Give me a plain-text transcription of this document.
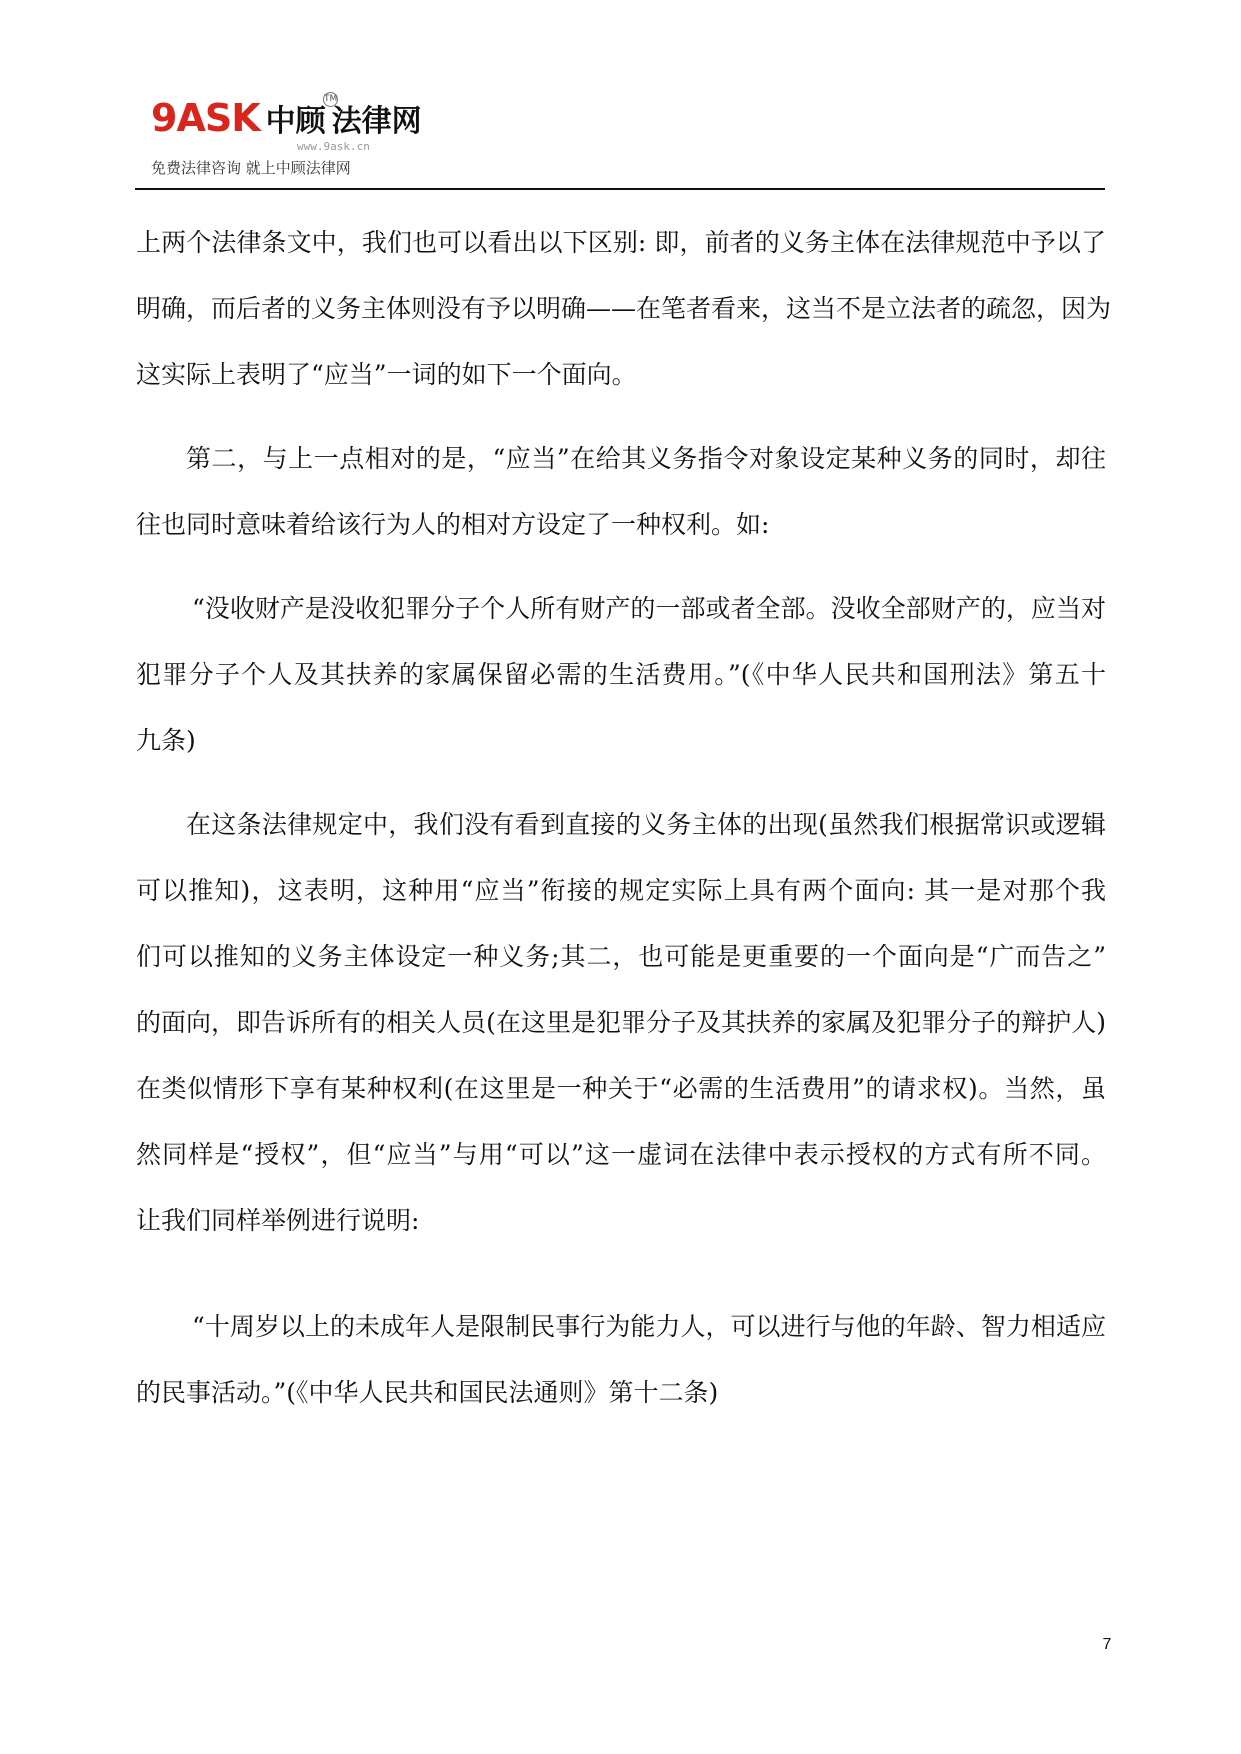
9ASK 中顾 法律网
TM
www.9ask.cn
免费法律咨询 就上中顾法律网
上两个法律条文中，我们也可以看出以下区别: 即，前者的义务主体在法律规范中予以了
明确，而后者的义务主体则没有予以明确——在笔者看来，这当不是立法者的疏忽，因为
这实际上表明了“应当”一词的如下一个面向。
第二，与上一点相对的是，“应当”在给其义务指令对象设定某种义务的同时，却往
往也同时意味着给该行为人的相对方设定了一种权利。如:
“没收财产是没收犯罪分子个人所有财产的一部或者全部。没收全部财产的，应当对
犯罪分子个人及其扶养的家属保留必需的生活费用。”(《中华人民共和国刑法》第五十
九条)
在这条法律规定中，我们没有看到直接的义务主体的出现(虽然我们根据常识或逻辑
可以推知)，这表明，这种用“应当”衔接的规定实际上具有两个面向: 其一是对那个我
们可以推知的义务主体设定一种义务;其二，也可能是更重要的一个面向是“广而告之”
的面向，即告诉所有的相关人员(在这里是犯罪分子及其扶养的家属及犯罪分子的辩护人)
在类似情形下享有某种权利(在这里是一种关于“必需的生活费用”的请求权)。当然，虽
然同样是“授权”，但“应当”与用“可以”这一虚词在法律中表示授权的方式有所不同。
让我们同样举例进行说明:
“十周岁以上的未成年人是限制民事行为能力人，可以进行与他的年龄、智力相适应
的民事活动。”(《中华人民共和国民法通则》第十二条)
7
